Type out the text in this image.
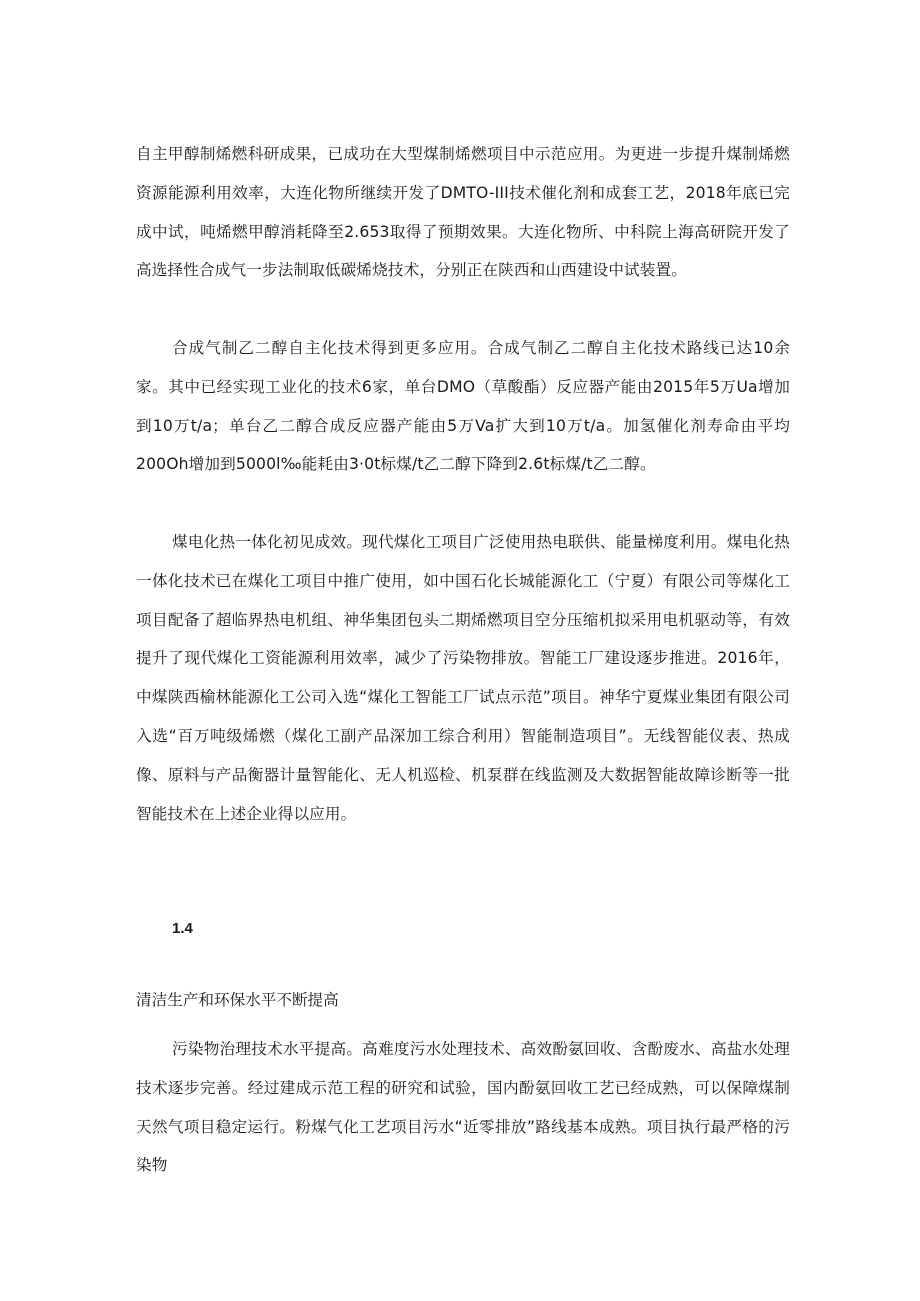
自主甲醇制烯燃科研成果，已成功在大型煤制烯燃项目中示范应用。为更进一步提升煤制烯燃资源能源利用效率，大连化物所继续开发了DMTO-III技术催化剂和成套工艺，2018年底已完成中试，吨烯燃甲醇消耗降至2.653取得了预期效果。大连化物所、中科院上海高研院开发了高选择性合成气一步法制取低碳烯烧技术，分别正在陕西和山西建设中试装置。

合成气制乙二醇自主化技术得到更多应用。合成气制乙二醇自主化技术路线已达10余家。其中已经实现工业化的技术6家，单台DMO（草酸酯）反应器产能由2015年5万Ua增加到10万t/a；单台乙二醇合成反应器产能由5万Va扩大到10万t/a。加氢催化剂寿命由平均200Oh增加到5000l‰能耗由3·0t标煤/t乙二醇下降到2.6t标煤/t乙二醇。

煤电化热一体化初见成效。现代煤化工项目广泛使用热电联供、能量梯度利用。煤电化热一体化技术已在煤化工项目中推广使用，如中国石化长城能源化工（宁夏）有限公司等煤化工项目配备了超临界热电机组、神华集团包头二期烯燃项目空分压缩机拟采用电机驱动等，有效提升了现代煤化工资能源利用效率，减少了污染物排放。智能工厂建设逐步推进。2016年，中煤陕西榆林能源化工公司入选“煤化工智能工厂试点示范”项目。神华宁夏煤业集团有限公司入选“百万吨级烯燃（煤化工副产品深加工综合利用）智能制造项目”。无线智能仪表、热成像、原料与产品衡器计量智能化、无人机巡检、机泵群在线监测及大数据智能故障诊断等一批智能技术在上述企业得以应用。

1.4

清洁生产和环保水平不断提高

污染物治理技术水平提高。高难度污水处理技术、高效酚氨回收、含酚废水、高盐水处理技术逐步完善。经过建成示范工程的研究和试验，国内酚氨回收工艺已经成熟，可以保障煤制天然气项目稳定运行。粉煤气化工艺项目污水“近零排放”路线基本成熟。项目执行最严格的污染物
